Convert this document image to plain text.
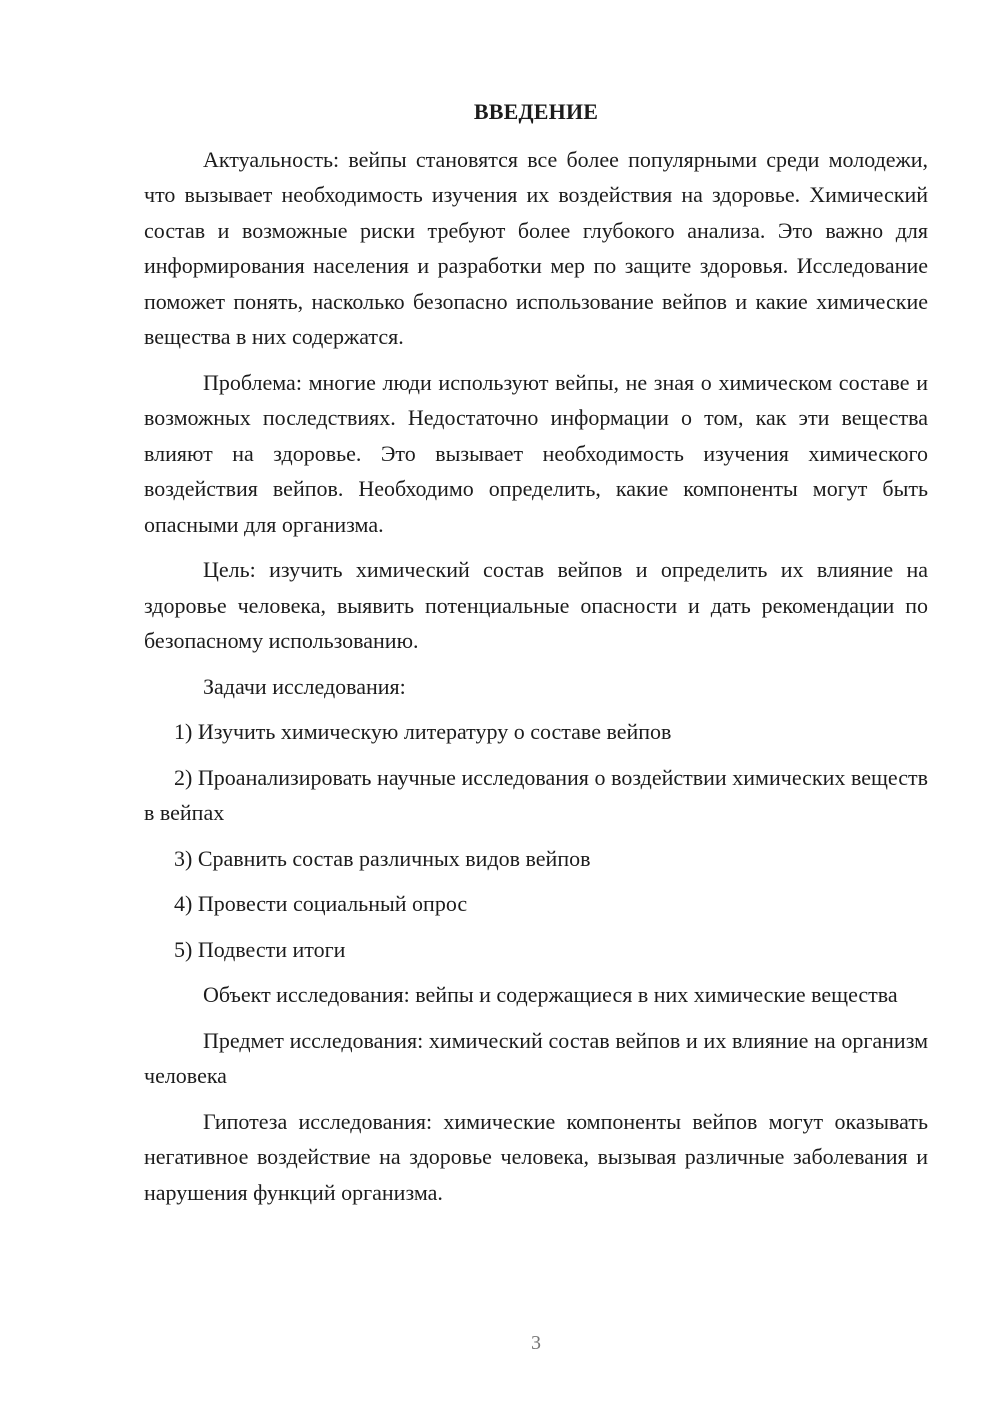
ВВЕДЕНИЕ

Актуальность: вейпы становятся все более популярными среди молодежи, что вызывает необходимость изучения их воздействия на здоровье. Химический состав и возможные риски требуют более глубокого анализа. Это важно для информирования населения и разработки мер по защите здоровья. Исследование поможет понять, насколько безопасно использование вейпов и какие химические вещества в них содержатся.

Проблема: многие люди используют вейпы, не зная о химическом составе и возможных последствиях. Недостаточно информации о том, как эти вещества влияют на здоровье. Это вызывает необходимость изучения химического воздействия вейпов. Необходимо определить, какие компоненты могут быть опасными для организма.

Цель: изучить химический состав вейпов и определить их влияние на здоровье человека, выявить потенциальные опасности и дать рекомендации по безопасному использованию.

Задачи исследования:

1) Изучить химическую литературу о составе вейпов

2) Проанализировать научные исследования о воздействии химических веществ в вейпах

3) Сравнить состав различных видов вейпов

4) Провести социальный опрос

5) Подвести итоги

Объект исследования: вейпы и содержащиеся в них химические вещества

Предмет исследования: химический состав вейпов и их влияние на организм человека

Гипотеза исследования: химические компоненты вейпов могут оказывать негативное воздействие на здоровье человека, вызывая различные заболевания и нарушения функций организма.

3
